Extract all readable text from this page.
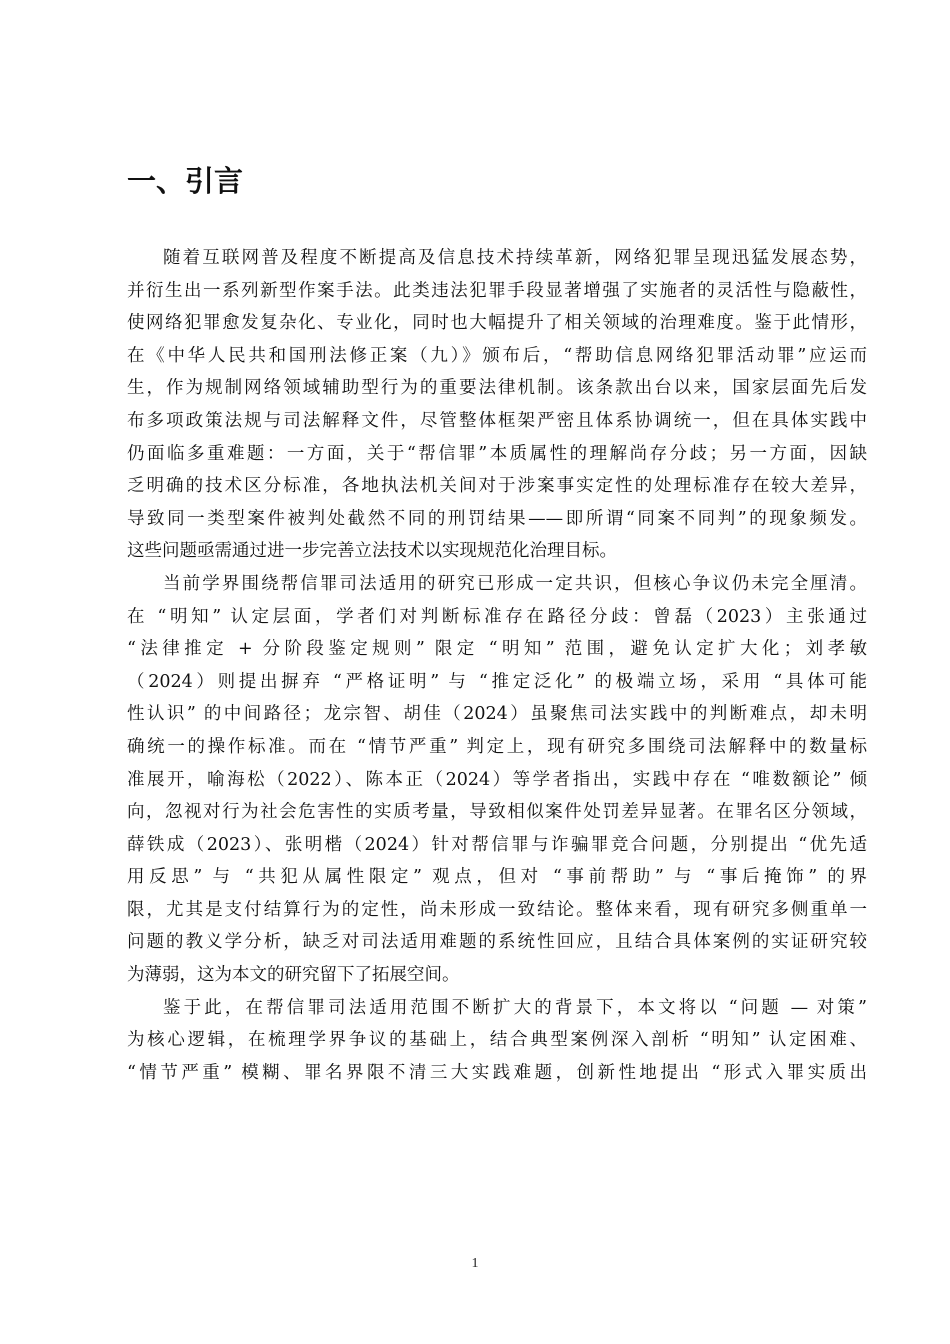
一、引言
随着互联网普及程度不断提高及信息技术持续革新，网络犯罪呈现迅猛发展态势，
并衍生出一系列新型作案手法。此类违法犯罪手段显著增强了实施者的灵活性与隐蔽性，
使网络犯罪愈发复杂化、专业化，同时也大幅提升了相关领域的治理难度。鉴于此情形，
在《中华人民共和国刑法修正案（九）》颁布后，“帮助信息网络犯罪活动罪”应运而
生，作为规制网络领域辅助型行为的重要法律机制。该条款出台以来，国家层面先后发
布多项政策法规与司法解释文件，尽管整体框架严密且体系协调统一，但在具体实践中
仍面临多重难题：一方面，关于“帮信罪”本质属性的理解尚存分歧；另一方面，因缺
乏明确的技术区分标准，各地执法机关间对于涉案事实定性的处理标准存在较大差异，
导致同一类型案件被判处截然不同的刑罚结果——即所谓“同案不同判”的现象频发。
这些问题亟需通过进一步完善立法技术以实现规范化治理目标。
当前学界围绕帮信罪司法适用的研究已形成一定共识，但核心争议仍未完全厘清。
在 “明知” 认定层面，学者们对判断标准存在路径分歧：曾磊（2023）主张通过
“法律推定 + 分阶段鉴定规则” 限定 “明知” 范围，避免认定扩大化；刘孝敏
（2024）则提出摒弃 “严格证明” 与 “推定泛化” 的极端立场，采用 “具体可能
性认识” 的中间路径；龙宗智、胡佳（2024）虽聚焦司法实践中的判断难点，却未明
确统一的操作标准。而在 “情节严重” 判定上，现有研究多围绕司法解释中的数量标
准展开，喻海松（2022）、陈本正（2024）等学者指出，实践中存在 “唯数额论” 倾
向，忽视对行为社会危害性的实质考量，导致相似案件处罚差异显著。在罪名区分领域，
薛铁成（2023）、张明楷（2024）针对帮信罪与诈骗罪竞合问题，分别提出 “优先适
用反思” 与 “共犯从属性限定” 观点，但对 “事前帮助” 与 “事后掩饰” 的界
限，尤其是支付结算行为的定性，尚未形成一致结论。整体来看，现有研究多侧重单一
问题的教义学分析，缺乏对司法适用难题的系统性回应，且结合具体案例的实证研究较
为薄弱，这为本文的研究留下了拓展空间。
鉴于此，在帮信罪司法适用范围不断扩大的背景下，本文将以 “问题 — 对策”
为核心逻辑，在梳理学界争议的基础上，结合典型案例深入剖析 “明知” 认定困难、
“情节严重” 模糊、罪名界限不清三大实践难题，创新性地提出 “形式入罪实质出
1
